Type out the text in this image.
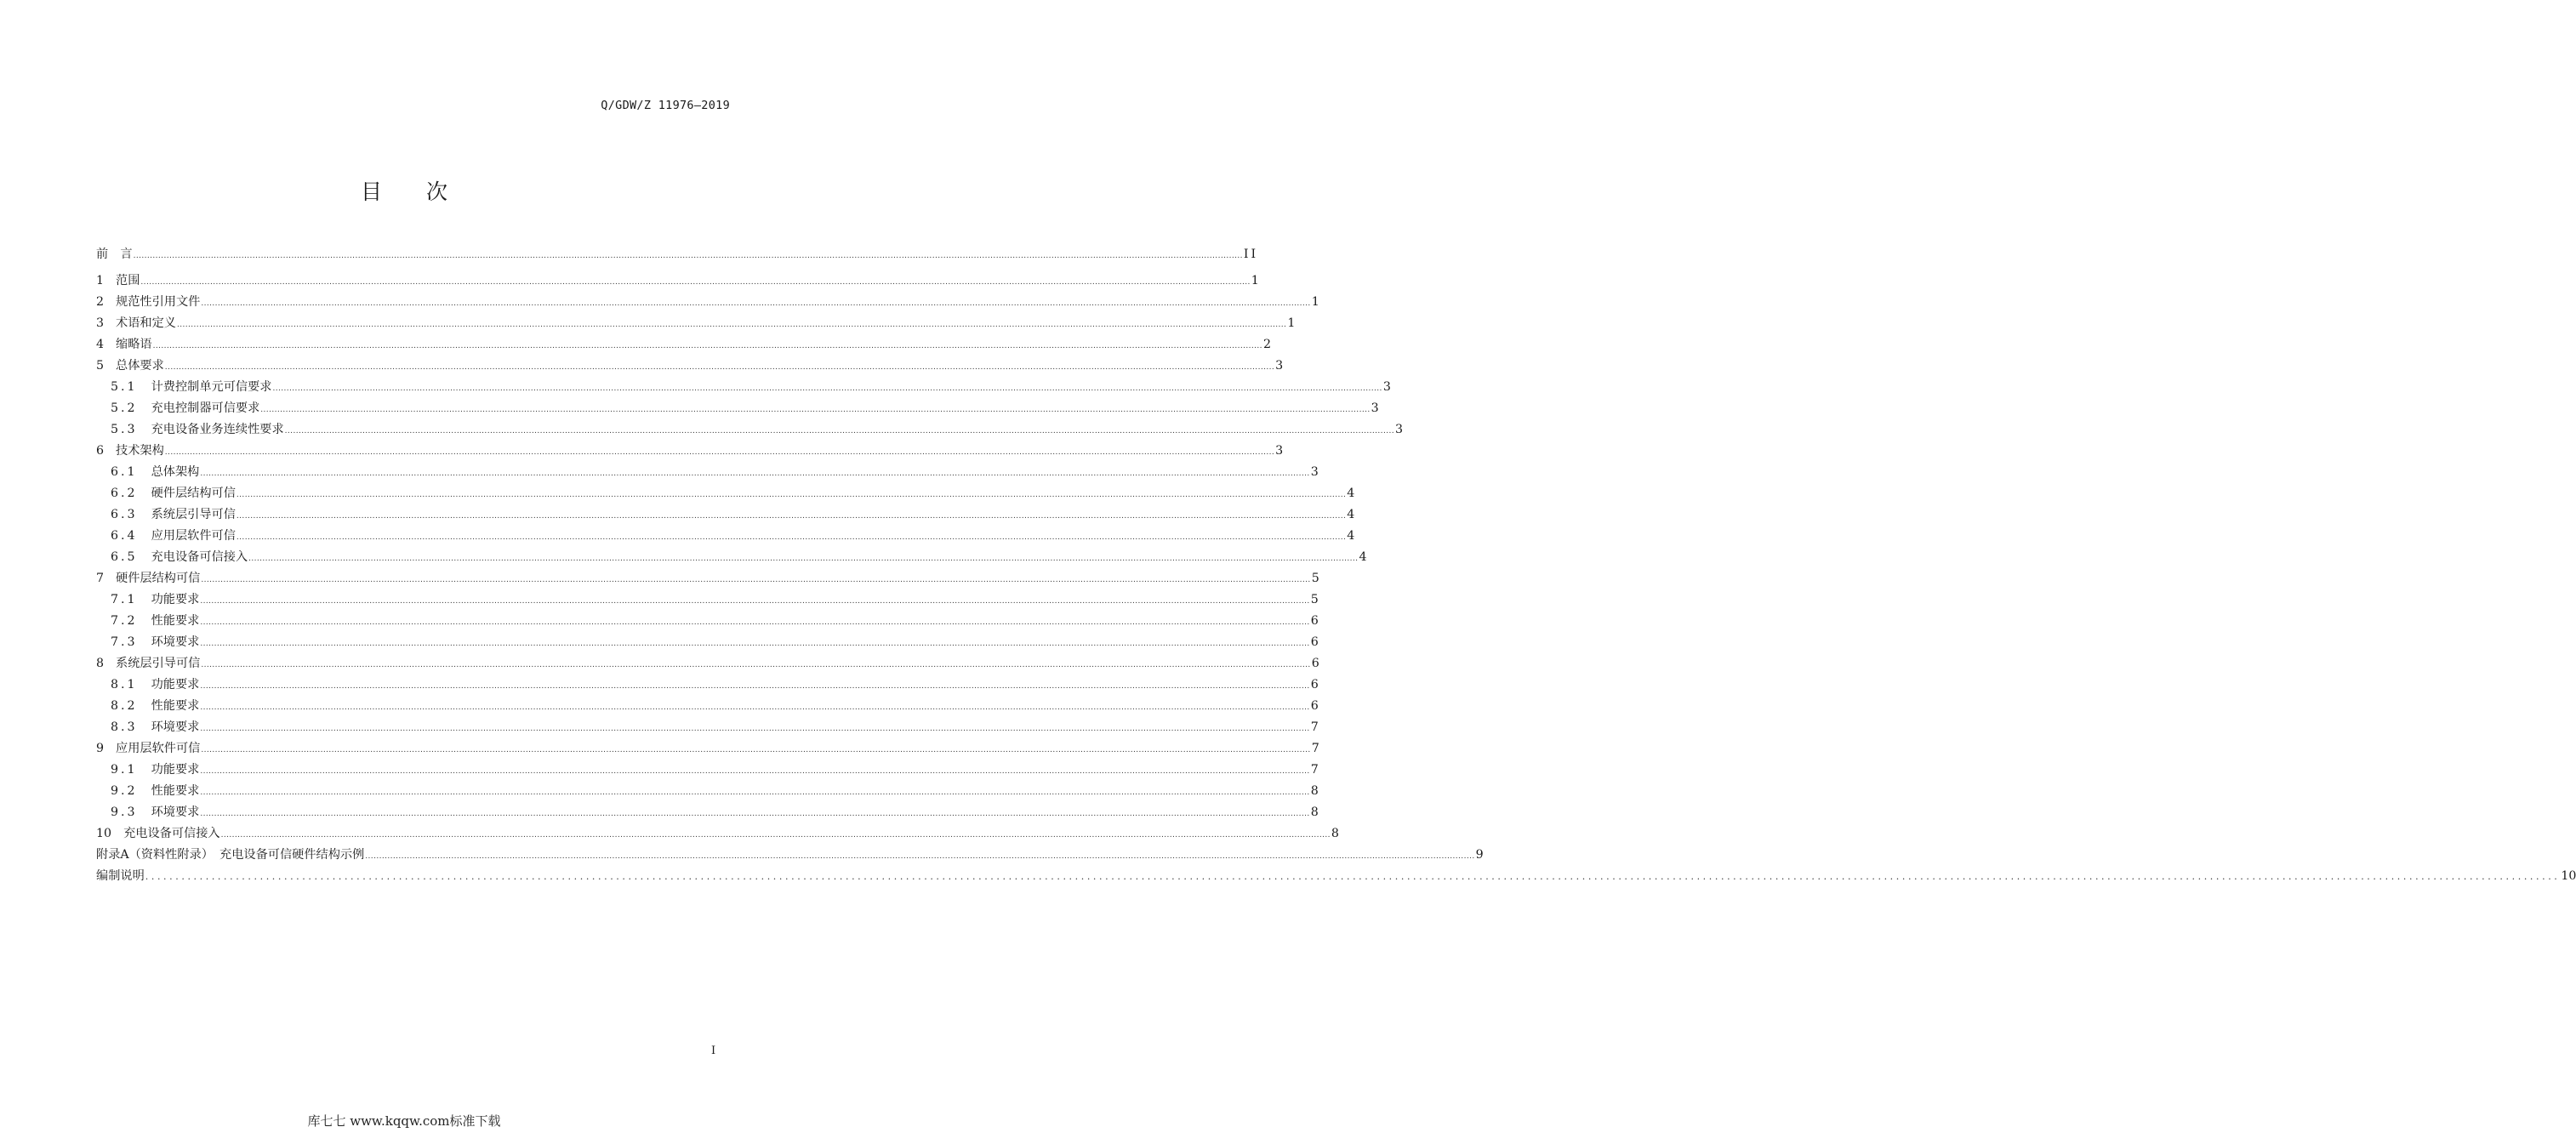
Q/GDW/Z 11976—2019
目 次
前　言 ................................................................................................................................................................................................................................................................................................................................................................................................................ II
1 范围 ................................................................................................................................................................................................................................................................................................................................................................................................................ 1
2 规范性引用文件 ................................................................................................................................................................................................................................................................................................................................................................................................................ 1
3 术语和定义 ................................................................................................................................................................................................................................................................................................................................................................................................................ 1
4 缩略语 ................................................................................................................................................................................................................................................................................................................................................................................................................ 2
5 总体要求 ................................................................................................................................................................................................................................................................................................................................................................................................................ 3
5.1 计费控制单元可信要求 ................................................................................................................................................................................................................................................................................................................................................................................................................ 3
5.2 充电控制器可信要求 ................................................................................................................................................................................................................................................................................................................................................................................................................ 3
5.3 充电设备业务连续性要求 ................................................................................................................................................................................................................................................................................................................................................................................................................ 3
6 技术架构 ................................................................................................................................................................................................................................................................................................................................................................................................................ 3
6.1 总体架构 ................................................................................................................................................................................................................................................................................................................................................................................................................ 3
6.2 硬件层结构可信 ................................................................................................................................................................................................................................................................................................................................................................................................................ 4
6.3 系统层引导可信 ................................................................................................................................................................................................................................................................................................................................................................................................................ 4
6.4 应用层软件可信 ................................................................................................................................................................................................................................................................................................................................................................................................................ 4
6.5 充电设备可信接入 ................................................................................................................................................................................................................................................................................................................................................................................................................ 4
7 硬件层结构可信 ................................................................................................................................................................................................................................................................................................................................................................................................................ 5
7.1 功能要求 ................................................................................................................................................................................................................................................................................................................................................................................................................ 5
7.2 性能要求 ................................................................................................................................................................................................................................................................................................................................................................................................................ 6
7.3 环境要求 ................................................................................................................................................................................................................................................................................................................................................................................................................ 6
8 系统层引导可信 ................................................................................................................................................................................................................................................................................................................................................................................................................ 6
8.1 功能要求 ................................................................................................................................................................................................................................................................................................................................................................................................................ 6
8.2 性能要求 ................................................................................................................................................................................................................................................................................................................................................................................................................ 6
8.3 环境要求 ................................................................................................................................................................................................................................................................................................................................................................................................................ 7
9 应用层软件可信 ................................................................................................................................................................................................................................................................................................................................................................................................................ 7
9.1 功能要求 ................................................................................................................................................................................................................................................................................................................................................................................................................ 7
9.2 性能要求 ................................................................................................................................................................................................................................................................................................................................................................................................................ 8
9.3 环境要求 ................................................................................................................................................................................................................................................................................................................................................................................................................ 8
10 充电设备可信接入 ................................................................................................................................................................................................................................................................................................................................................................................................................ 8
附录A（资料性附录）　充电设备可信硬件结构示例 ................................................................................................................................................................................................................................................................................................................................................................................................................ 9
编制说明 ................................................................................................................................................................................................................................................................................................................................................................................................................ 10
I
库七七 www.kqqw.com标准下载
